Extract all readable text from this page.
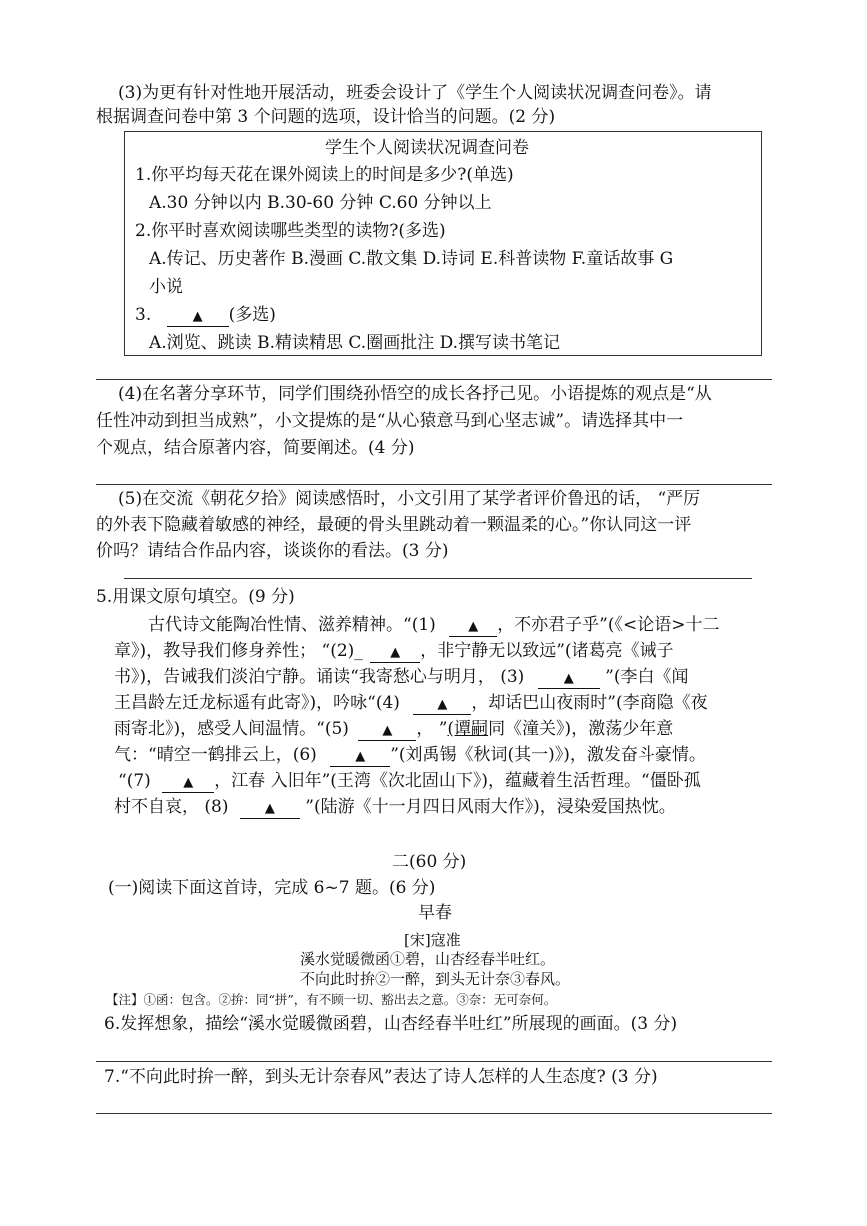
(3)为更有针对性地开展活动，班委会设计了《学生个人阅读状况调查问卷》。请
根据调查问卷中第 3 个问题的选项，设计恰当的问题。(2 分)
学生个人阅读状况调查问卷
1.你平均每天花在课外阅读上的时间是多少?(单选)
A.30 分钟以内 B.30-60 分钟 C.60 分钟以上
2.你平时喜欢阅读哪些类型的读物?(多选)
A.传记、历史著作 B.漫画 C.散文集 D.诗词 E.科普读物 F.童话故事 G
小说
3.	▲ (多选)
A.浏览、跳读 B.精读精思 C.圈画批注 D.撰写读书笔记
(4)在名著分享环节，同学们围绕孙悟空的成长各抒己见。小语提炼的观点是“从
任性冲动到担当成熟”，小文提炼的是“从心猿意马到心坚志诚”。请选择其中一
个观点，结合原著内容，简要阐述。(4 分)
(5)在交流《朝花夕拾》阅读感悟时，小文引用了某学者评价鲁迅的话， “严厉
的外表下隐藏着敏感的神经，最硬的骨头里跳动着一颗温柔的心。”你认同这一评
价吗？请结合作品内容，谈谈你的看法。(3 分)
5.用课文原句填空。(9 分)
古代诗文能陶冶性情、滋养精神。“(1) ▲ ，不亦君子乎”(《<论语>十二
章》)，教导我们修身养性； “(2)_ ▲ ，非宁静无以致远”(诸葛亮《诫子
书》)，告诫我们淡泊宁静。诵读“我寄愁心与明月， (3)	▲ ”(李白《闻
王昌龄左迁龙标遥有此寄》)，吟咏“(4)	▲ ，却话巴山夜雨时”(李商隐《夜
雨寄北》)，感受人间温情。“(5)	▲ ， ”(谭嗣同《潼关》)，激荡少年意
气：“晴空一鹤排云上，(6)	▲ ”(刘禹锡《秋词(其一)》)，激发奋斗豪情。
“(7) ▲ ，江春 入旧年”(王湾《次北固山下》)，蕴藏着生活哲理。“僵卧孤
村不自哀， (8)	▲ ”(陆游《十一月四日风雨大作》)，浸染爱国热忱。
二(60 分)
(一)阅读下面这首诗，完成 6~7 题。(6 分)
早春
[宋]寇准
溪水觉暖微函①碧，山杏经春半吐红。
不向此时拚②一醉，到头无计奈③春风。
【注】①函：包含。②拚：同“拼”，有不顾一切、豁出去之意。③奈：无可奈何。
6.发挥想象，描绘“溪水觉暖微函碧，山杏经春半吐红”所展现的画面。(3 分)
7.“不向此时拚一醉，到头无计奈春风”表达了诗人怎样的人生态度? (3 分)
